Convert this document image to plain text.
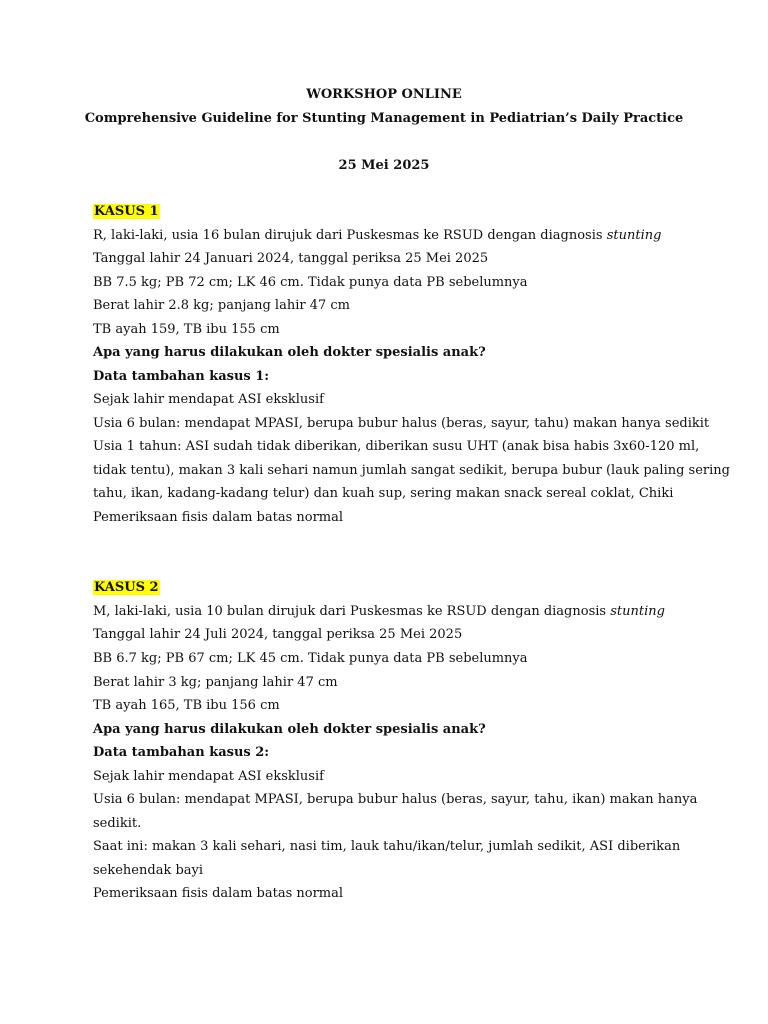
WORKSHOP ONLINE
Comprehensive Guideline for Stunting Management in Pediatrian’s Daily Practice
25 Mei 2025
KASUS 1
R, laki-laki, usia 16 bulan dirujuk dari Puskesmas ke RSUD dengan diagnosis stunting
Tanggal lahir 24 Januari 2024, tanggal periksa 25 Mei 2025
BB 7.5 kg; PB 72 cm; LK 46 cm. Tidak punya data PB sebelumnya
Berat lahir 2.8 kg; panjang lahir 47 cm
TB ayah 159, TB ibu 155 cm
Apa yang harus dilakukan oleh dokter spesialis anak?
Data tambahan kasus 1:
Sejak lahir mendapat ASI eksklusif
Usia 6 bulan: mendapat MPASI, berupa bubur halus (beras, sayur, tahu) makan hanya sedikit
Usia 1 tahun: ASI sudah tidak diberikan, diberikan susu UHT (anak bisa habis 3x60-120 ml,
tidak tentu), makan 3 kali sehari namun jumlah sangat sedikit, berupa bubur (lauk paling sering
tahu, ikan, kadang-kadang telur) dan kuah sup, sering makan snack sereal coklat, Chiki
Pemeriksaan fisis dalam batas normal
KASUS 2
M, laki-laki, usia 10 bulan dirujuk dari Puskesmas ke RSUD dengan diagnosis stunting
Tanggal lahir 24 Juli 2024, tanggal periksa 25 Mei 2025
BB 6.7 kg; PB 67 cm; LK 45 cm. Tidak punya data PB sebelumnya
Berat lahir 3 kg; panjang lahir 47 cm
TB ayah 165, TB ibu 156 cm
Apa yang harus dilakukan oleh dokter spesialis anak?
Data tambahan kasus 2:
Sejak lahir mendapat ASI eksklusif
Usia 6 bulan: mendapat MPASI, berupa bubur halus (beras, sayur, tahu, ikan) makan hanya
sedikit.
Saat ini: makan 3 kali sehari, nasi tim, lauk tahu/ikan/telur, jumlah sedikit, ASI diberikan
sekehendak bayi
Pemeriksaan fisis dalam batas normal
